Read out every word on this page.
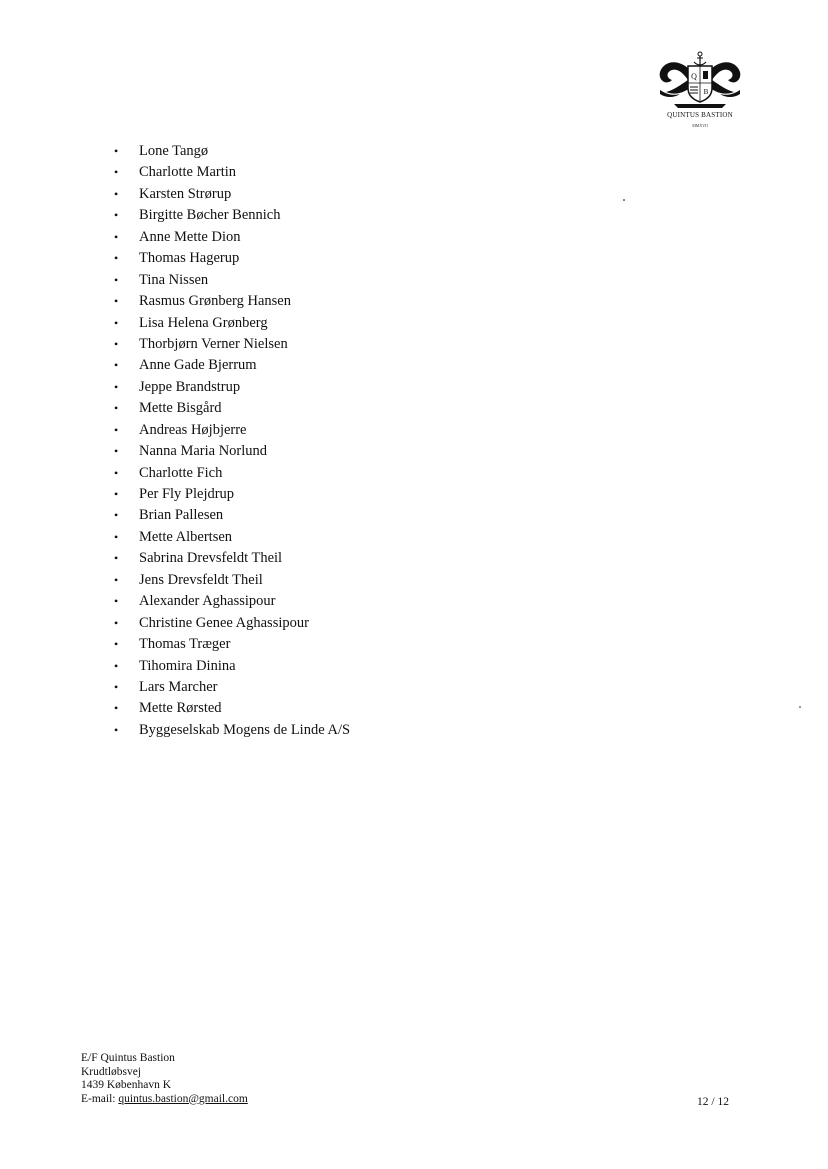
Q
B
QUINTUS BASTION
MMXVII
• Lone Tangø
• Charlotte Martin
• Karsten Strørup
• Birgitte Bøcher Bennich
• Anne Mette Dion
• Thomas Hagerup
• Tina Nissen
• Rasmus Grønberg Hansen
• Lisa Helena Grønberg
• Thorbjørn Verner Nielsen
• Anne Gade Bjerrum
• Jeppe Brandstrup
• Mette Bisgård
• Andreas Højbjerre
• Nanna Maria Norlund
• Charlotte Fich
• Per Fly Plejdrup
• Brian Pallesen
• Mette Albertsen
• Sabrina Drevsfeldt Theil
• Jens Drevsfeldt Theil
• Alexander Aghassipour
• Christine Genee Aghassipour
• Thomas Træger
• Tihomira Dinina
• Lars Marcher
• Mette Rørsted
• Byggeselskab Mogens de Linde A/S
E/F Quintus Bastion
Krudtløbsvej
1439 København K
E-mail: quintus.bastion@gmail.com	12 / 12
